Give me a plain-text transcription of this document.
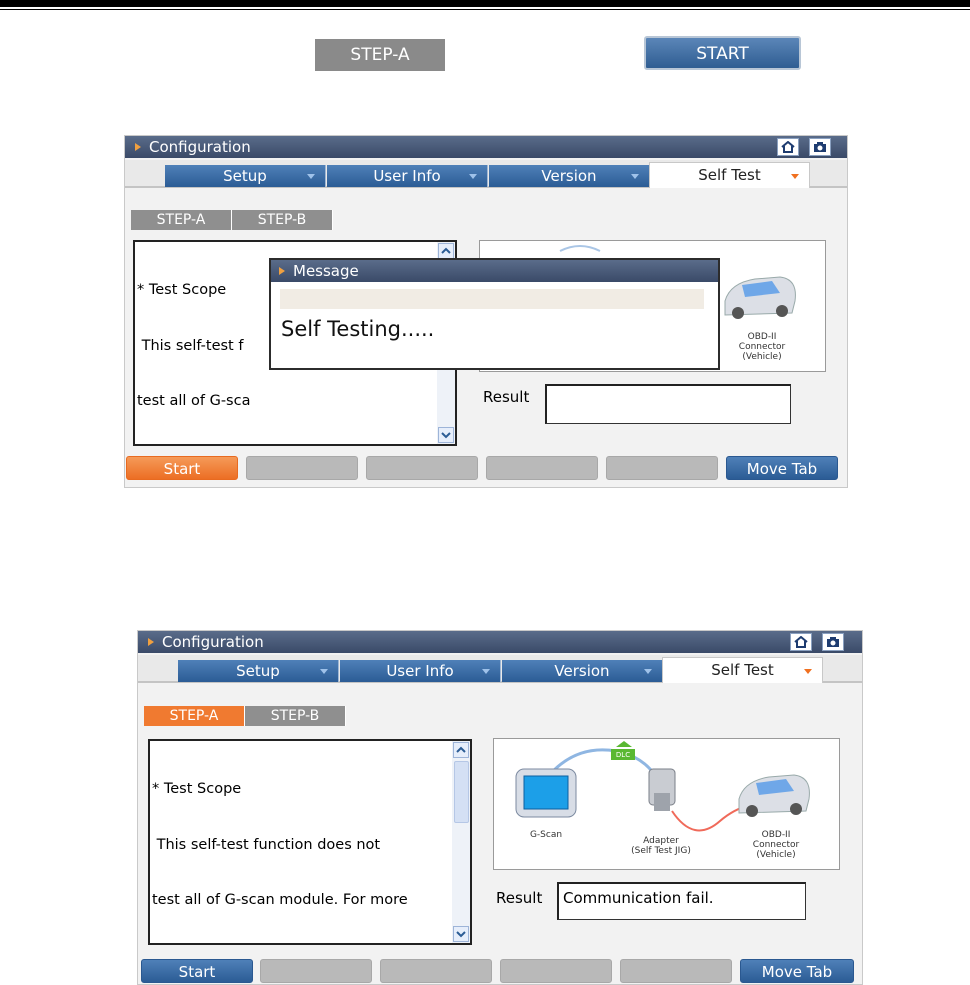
STEP-A	START
Configuration
Setup	User Info	Version	Self Test
STEP-A	STEP-B

* Test Scope

This self-test f

test all of G-sca

OBD-II
Connector
(Vehicle)
Result
Start	Move Tab
Message
Self Testing.....
Configuration
Setup	User Info	Version	Self Test
STEP-A	STEP-B

* Test Scope

This self-test function does not

test all of G-scan module. For more

DLC
G-Scan
Adapter
(Self Test JIG)
OBD-II
Connector
(Vehicle)
Result	Communication fail.
Start	Move Tab
